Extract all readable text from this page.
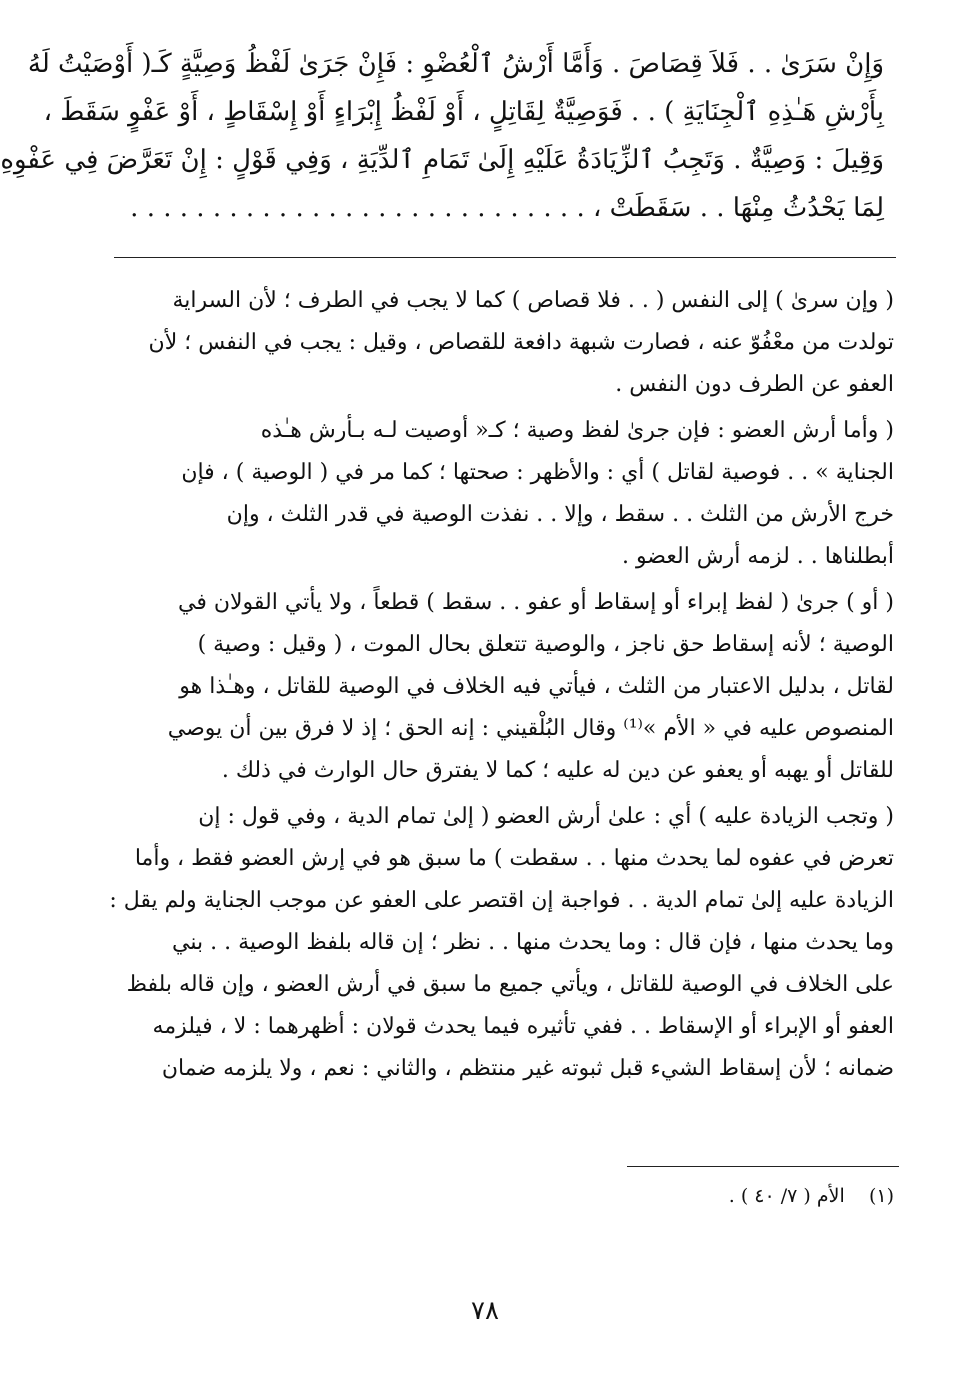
وَإِنْ سَرَىٰ . . فَلاَ قِصَاصَ . وَأَمَّا أَرْشُ ٱلْعُضْوِ : فَإِنْ جَرَىٰ لَفْظُ وَصِيَّةٍ كَـ( أَوْصَيْتُ لَهُ
بِأَرْشِ هَـٰذِهِ ٱلْجِنَايَةِ ) . . فَوَصِيَّةٌ لِقَاتِلٍ ، أَوْ لَفْظُ إِبْرَاءٍ أَوْ إِسْقَاطٍ ، أَوْ عَفْوٍ سَقَطَ ،
وَقِيلَ : وَصِيَّةٌ . وَتَجِبُ ٱلزِّيَادَةُ عَلَيْهِ إِلَىٰ تَمَامِ ٱلدِّيَةِ ، وَفِي قَوْلٍ : إِنْ تَعَرَّضَ فِي عَفْوِهِ
لِمَا يَحْدُثُ مِنْهَا . . سَقَطَتْ ، . . . . . . . . . . . . . . . . . . . . . . . . . . . .
( وإن سرىٰ ) إلى النفس ( . . فلا قصاص ) كما لا يجب في الطرف ؛ لأن السراية
تولدت من معْفُوّ عنه ، فصارت شبهة دافعة للقصاص ، وقيل : يجب في النفس ؛ لأن
العفو عن الطرف دون النفس .
( وأما أرش العضو : فإن جرىٰ لفظ وصية ؛ كـ« أوصيت لـه بـأرش هـٰذه
الجناية » . . فوصية لقاتل ) أي : والأظهر : صحتها ؛ كما مر في ( الوصية ) ، فإن
خرج الأرش من الثلث . . سقط ، وإلا . . نفذت الوصية في قدر الثلث ، وإن
أبطلناها . . لزمه أرش العضو .
( أو ) جرىٰ ( لفظ إبراء أو إسقاط أو عفو . . سقط ) قطعاً ، ولا يأتي القولان في
الوصية ؛ لأنه إسقاط حق ناجز ، والوصية تتعلق بحال الموت ، ( وقيل : وصية )
لقاتل ، بدليل الاعتبار من الثلث ، فيأتي فيه الخلاف في الوصية للقاتل ، وهـٰذا هو
المنصوص عليه في « الأم »⁽¹⁾ وقال البُلْقيني : إنه الحق ؛ إذ لا فرق بين أن يوصي
للقاتل أو يهبه أو يعفو عن دين له عليه ؛ كما لا يفترق حال الوارث في ذلك .
( وتجب الزيادة عليه ) أي : علىٰ أرش العضو ( إلىٰ تمام الدية ، وفي قول : إن
تعرض في عفوه لما يحدث منها . . سقطت ) ما سبق هو في إرش العضو فقط ، وأما
الزيادة عليه إلىٰ تمام الدية . . فواجبة إن اقتصر على العفو عن موجب الجناية ولم يقل :
وما يحدث منها ، فإن قال : وما يحدث منها . . نظر ؛ إن قاله بلفظ الوصية . . بني
على الخلاف في الوصية للقاتل ، ويأتي جميع ما سبق في أرش العضو ، وإن قاله بلفظ
العفو أو الإبراء أو الإسقاط . . ففي تأثيره فيما يحدث قولان : أظهرهما : لا ، فيلزمه
ضمانه ؛ لأن إسقاط الشيء قبل ثبوته غير منتظم ، والثاني : نعم ، ولا يلزمه ضمان
(١)    الأم ( ٧/ ٤٠ ) .
٧٨
